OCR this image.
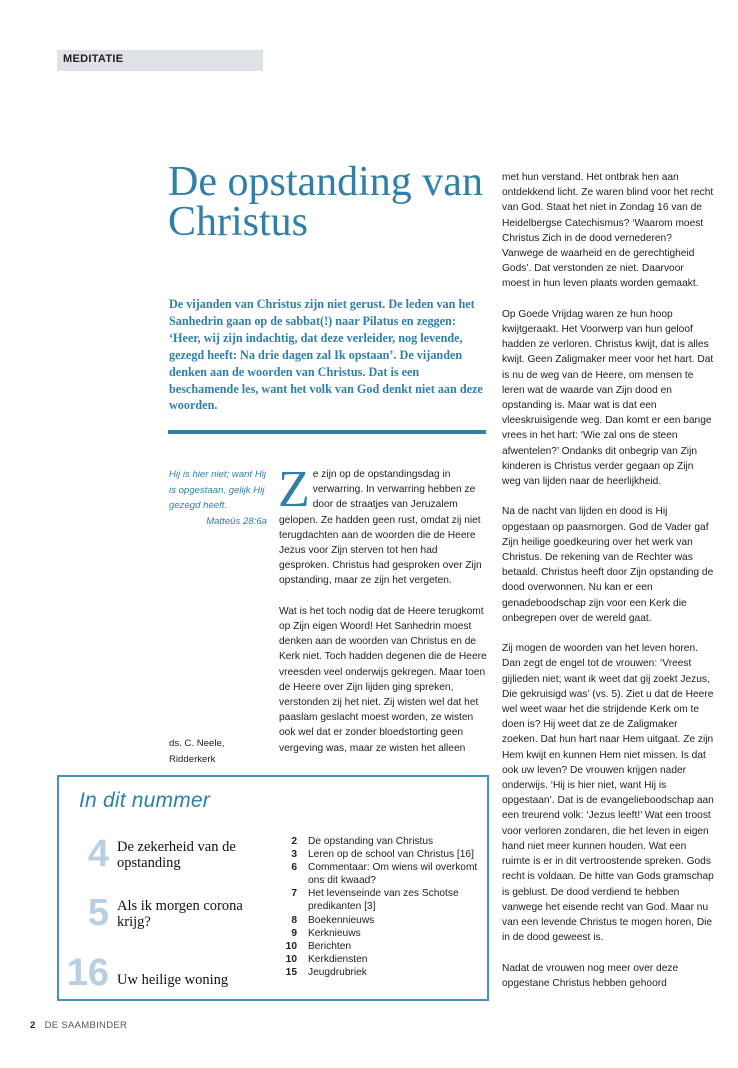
MEDITATIE
De opstanding van Christus

De vijanden van Christus zijn niet gerust. De leden van het Sanhedrin gaan op de sabbat(!) naar Pilatus en zeggen: ‘Heer, wij zijn indachtig, dat deze verleider, nog levende, gezegd heeft: Na drie dagen zal Ik opstaan’. De vijanden denken aan de woorden van Christus. Dat is een beschamende les, want het volk van God denkt niet aan deze woorden.

Hij is hier niet; want Hij is opgestaan, gelijk Hij gezegd heeft.
Matteüs 28:6a
ds. C. Neele,
Ridderkerk

Ze zijn op de opstandingsdag in verwarring. In verwarring hebben ze door de straatjes van Jeruzalem gelopen. Ze hadden geen rust, omdat zij niet terugdachten aan de woorden die de Heere Jezus voor Zijn sterven tot hen had gesproken. Christus had gesproken over Zijn opstanding, maar ze zijn het vergeten.

Wat is het toch nodig dat de Heere terugkomt op Zijn eigen Woord! Het Sanhedrin moest denken aan de woorden van Christus en de Kerk niet. Toch hadden degenen die de Heere vreesden veel onderwijs gekregen. Maar toen de Heere over Zijn lijden ging spreken, verstonden zij het niet. Zij wisten wel dat het paaslam geslacht moest worden, ze wisten ook wel dat er zonder bloedstorting geen vergeving was, maar ze wisten het alleen

met hun verstand. Het ontbrak hen aan ontdekkend licht. Ze waren blind voor het recht van God. Staat het niet in Zondag 16 van de Heidelbergse Catechismus? ‘Waarom moest Christus Zich in de dood vernederen? Vanwege de waarheid en de gerechtigheid Gods’. Dat verstonden ze niet. Daarvoor moest in hun leven plaats worden gemaakt.

Op Goede Vrijdag waren ze hun hoop kwijtgeraakt. Het Voorwerp van hun geloof hadden ze verloren. Christus kwijt, dat is alles kwijt. Geen Zaligmaker meer voor het hart. Dat is nu de weg van de Heere, om mensen te leren wat de waarde van Zijn dood en opstanding is. Maar wat is dat een vleeskruisigende weg. Dan komt er een bange vrees in het hart: ‘Wie zal ons de steen afwentelen?’ Ondanks dit onbegrip van Zijn kinderen is Christus verder gegaan op Zijn weg van lijden naar de heerlijkheid.

Na de nacht van lijden en dood is Hij opgestaan op paasmorgen. God de Vader gaf Zijn heilige goedkeuring over het werk van Christus. De rekening van de Rechter was betaald. Christus heeft door Zijn opstanding de dood overwonnen. Nu kan er een genadeboodschap zijn voor een Kerk die onbegrepen over de wereld gaat.

Zij mogen de woorden van het leven horen. Dan zegt de engel tot de vrouwen: ‘Vreest gijlieden niet; want ik weet dat gij zoekt Jezus, Die gekruisigd was’ (vs. 5). Ziet u dat de Heere wel weet waar het die strijdende Kerk om te doen is? Hij weet dat ze de Zaligmaker zoeken. Dat hun hart naar Hem uitgaat. Ze zijn Hem kwijt en kunnen Hem niet missen. Is dat ook uw leven? De vrouwen krijgen nader onderwijs. ‘Hij is hier niet, want Hij is opgestaan’. Dat is de evangelieboodschap aan een treurend volk: ‘Jezus leeft!’ Wat een troost voor verloren zondaren, die het leven in eigen hand niet meer kunnen houden. Wat een ruimte is er in dit vertroostende spreken. Gods recht is voldaan. De hitte van Gods gramschap is geblust. De dood verdiend te hebben vanwege het eisende recht van God. Maar nu van een levende Christus te mogen horen, Die in de dood geweest is.

Nadat de vrouwen nog meer over deze opgestane Christus hebben gehoord

In dit nummer
4 De zekerheid van de opstanding
5 Als ik morgen corona krijg?
16 Uw heilige woning
2 De opstanding van Christus
3 Leren op de school van Christus [16]
6 Commentaar: Om wiens wil overkomt ons dit kwaad?
7 Het levenseinde van zes Schotse predikanten [3]
8 Boekennieuws
9 Kerknieuws
10 Berichten
10 Kerkdiensten
15 Jeugdrubriek
2 DE SAAMBINDER
